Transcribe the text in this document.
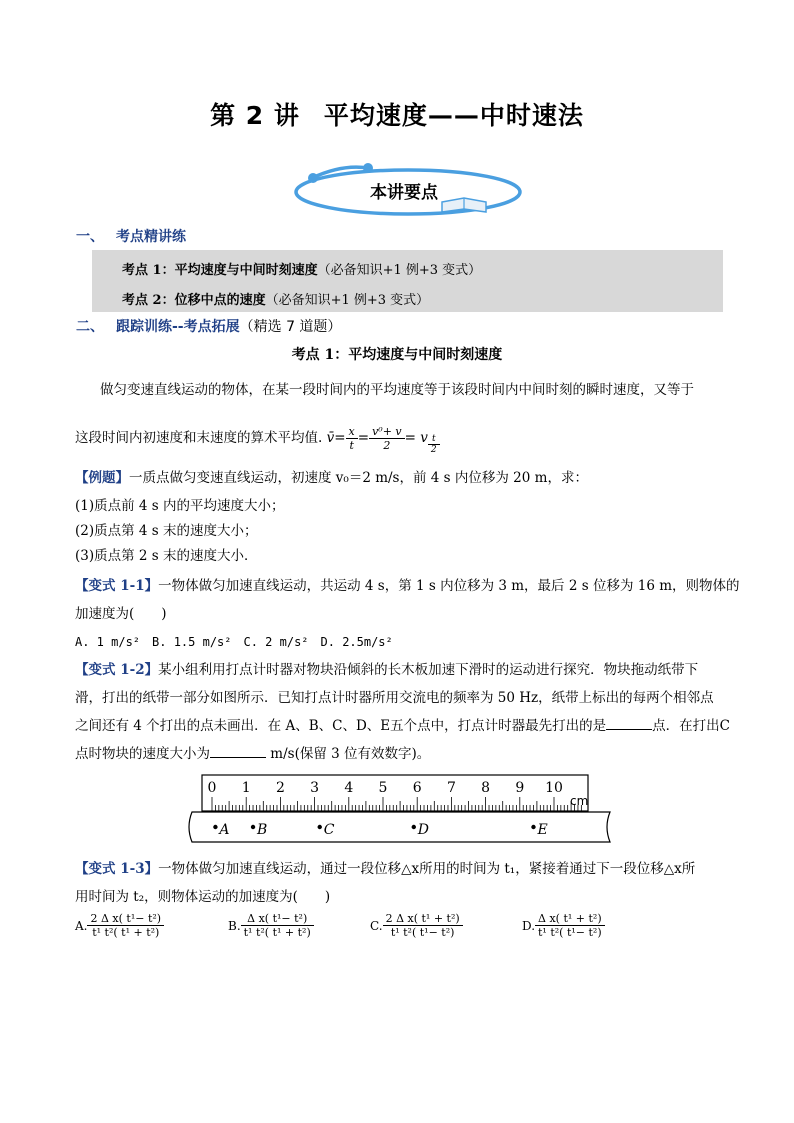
第 2 讲 平均速度——中时速法
本讲要点
一、 考点精讲练
考点 1：平均速度与中间时刻速度（必备知识+1 例+3 变式）
考点 2：位移中点的速度（必备知识+1 例+3 变式）
二、 跟踪训练--考点拓展（精选 7 道题）
考点 1：平均速度与中间时刻速度
做匀变速直线运动的物体，在某一段时间内的平均速度等于该段时间内中间时刻的瞬时速度，又等于
这段时间内初速度和末速度的算术平均值. v̄= $\frac{x}{t} = \frac{\text{v⁰+ v}}{2} = v \frac{t}{2}$
【例题】一质点做匀变速直线运动，初速度 v₀＝2 m/s，前 4 s 内位移为 20 m，求：
(1)质点前 4 s 内的平均速度大小；
(2)质点第 4 s 末的速度大小；
(3)质点第 2 s 末的速度大小．
【变式 1-1】一物体做匀加速直线运动，共运动 4 s，第 1 s 内位移为 3 m，最后 2 s 位移为 16 m，则物体的
加速度为(　　)
A. 1 m/s²　B. 1.5 m/s²　C. 2 m/s²　D. 2.5m/s²
【变式 1-2】某小组利用打点计时器对物块沿倾斜的长木板加速下滑时的运动进行探究．物块拖动纸带下
滑，打出的纸带一部分如图所示．已知打点计时器所用交流电的频率为 50 Hz，纸带上标出的每两个相邻点
之间还有 4 个打出的点未画出．在 A、B、C、D、E五个点中，打点计时器最先打出的是	点．在打出C
点时物块的速度大小为	m/s(保留 3 位有效数字)。
0 1 2 3 4 5 6 7 8 9 10
cm
A B	C	D	E
【变式 1-3】一物体做匀加速直线运动，通过一段位移△x所用的时间为 t₁，紧接着通过下一段位移△x所
用时间为 t₂，则物体运动的加速度为(　　)
A. $\frac{\text{2 Δ x( t¹− t²)}}{\text{t¹ t²( t¹ + t²)}}$	B. $\frac{\text{Δ x( t¹− t²)}}{\text{t¹ t²( t¹ + t²)}}$	C. $\frac{\text{2 Δ x( t¹ + t²)}}{\text{t¹ t²( t¹− t²)}}$	D. $\frac{\text{Δ x( t¹ + t²)}}{\text{t¹ t²( t¹− t²)}}$
